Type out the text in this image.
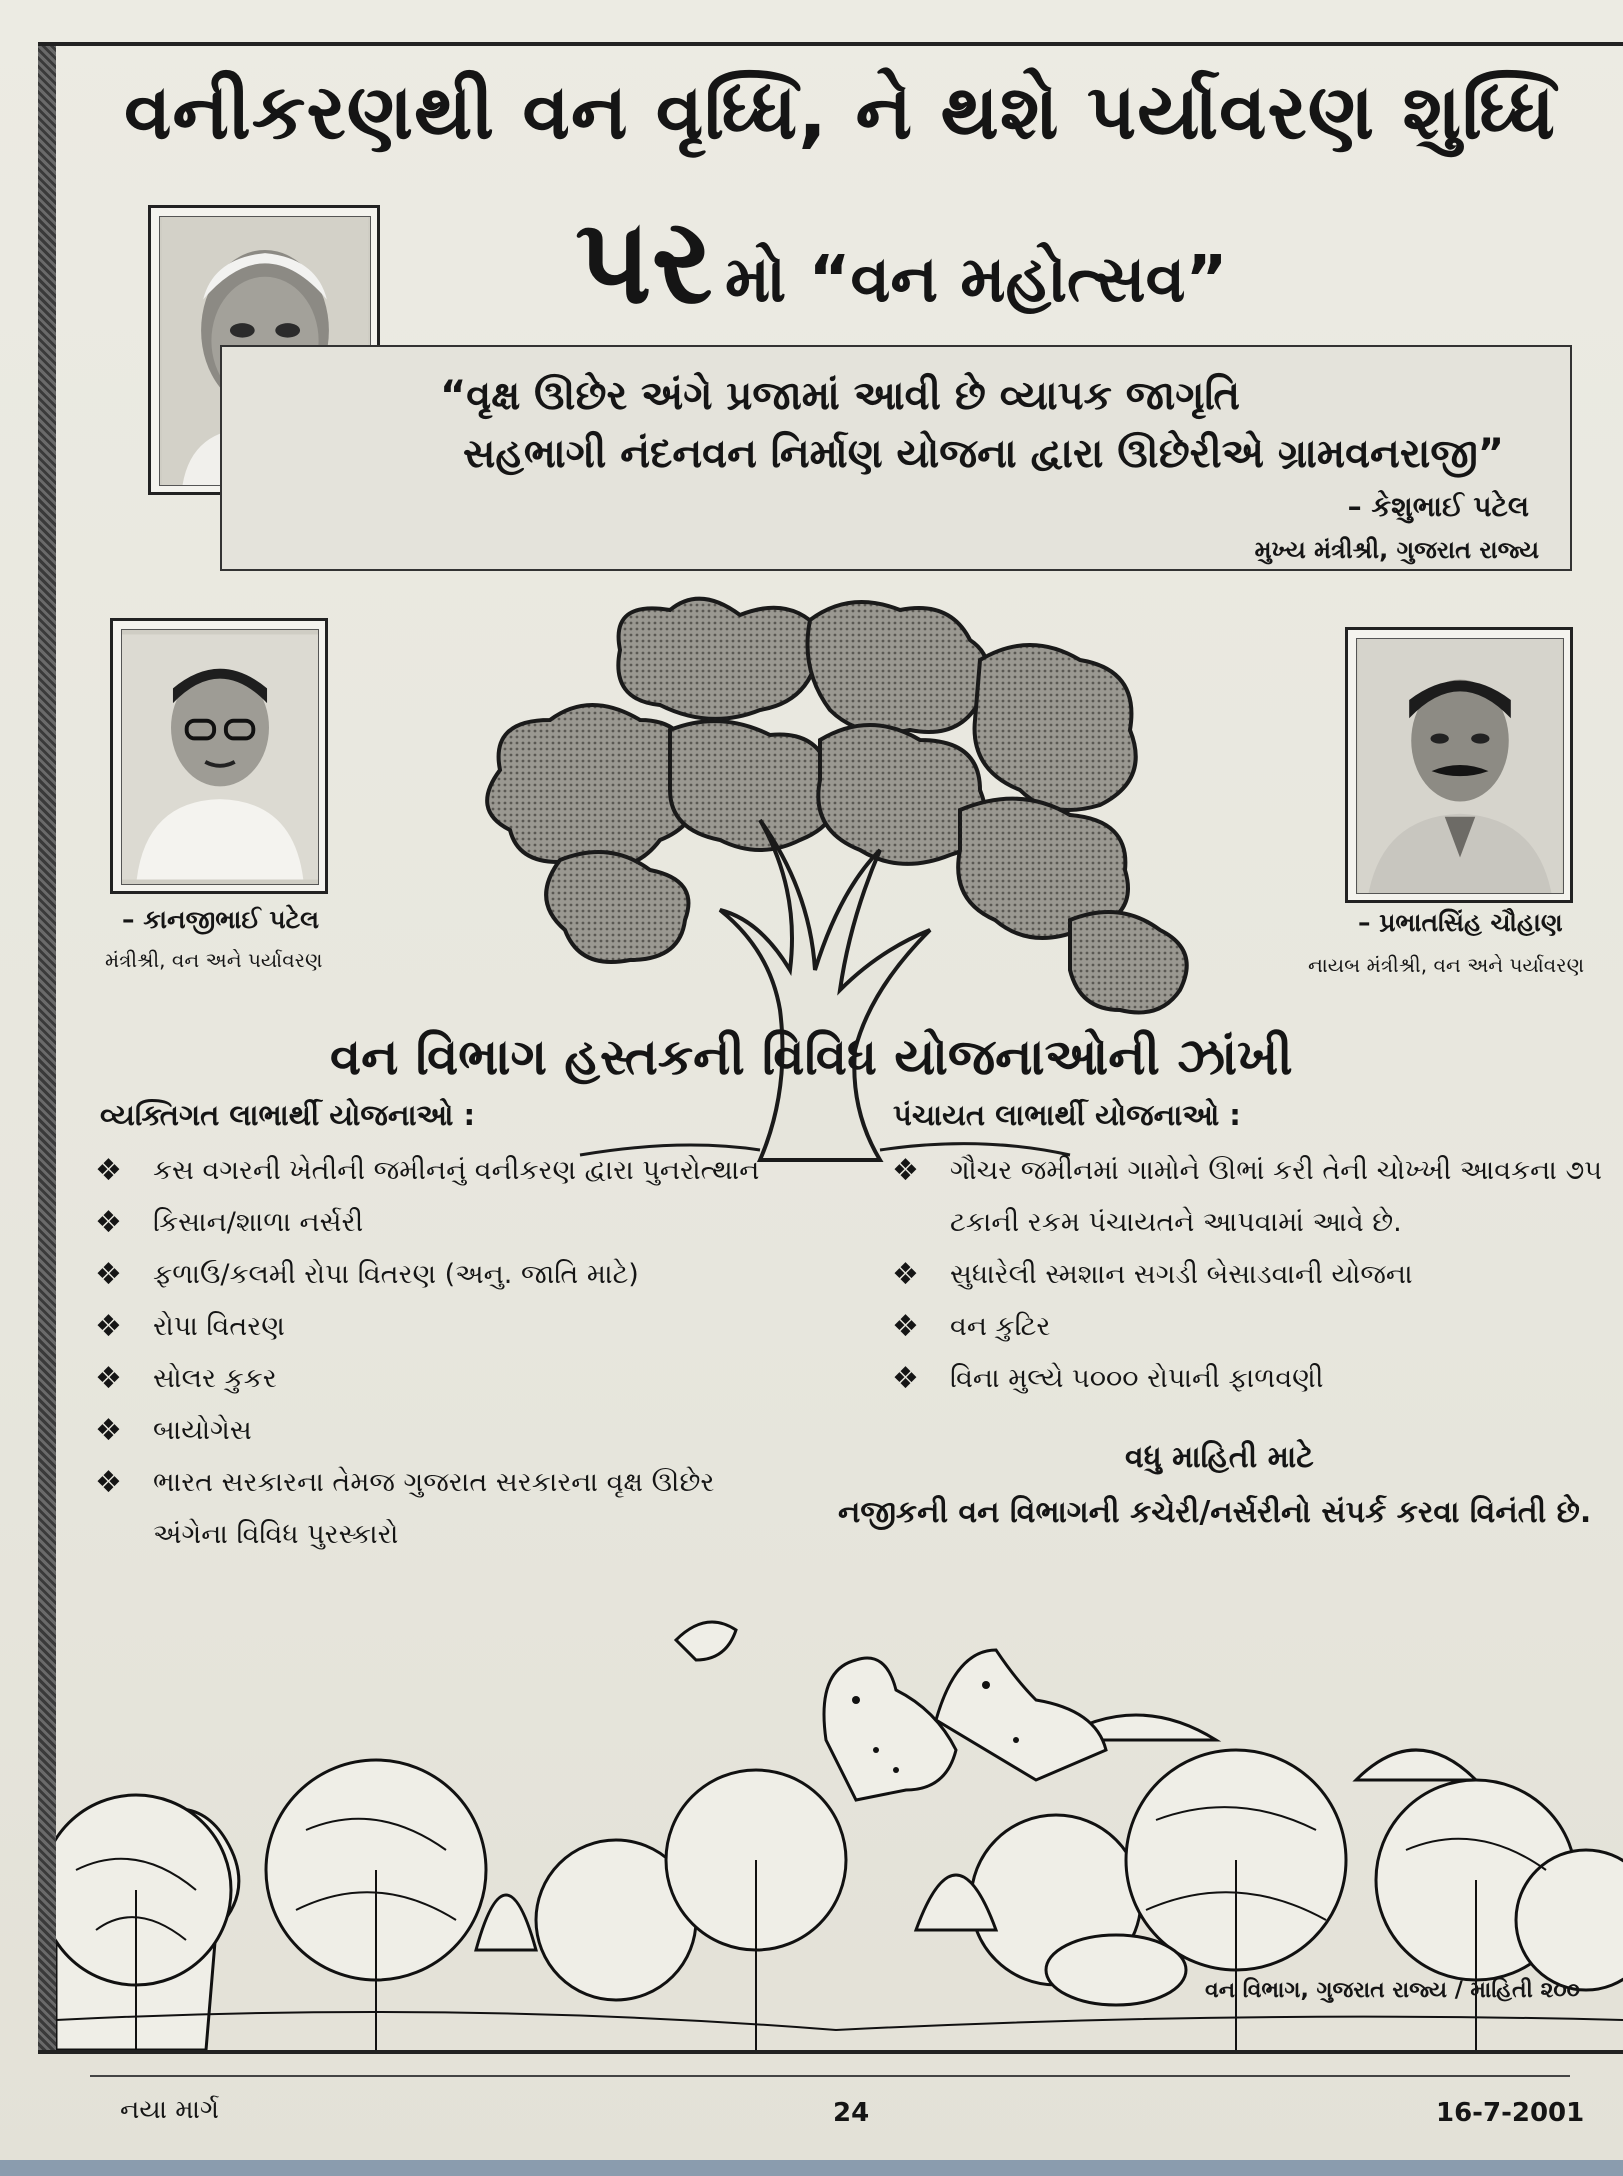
વનીકરણથી વન વૃધ્ધિ, ને થશે પર્યાવરણ શુધ્ધિ
પર મો “વન મહોત્સવ”
“વૃક્ષ ઊછેર અંગે પ્રજામાં આવી છે વ્યાપક જાગૃતિ
સહભાગી નંદનવન નિર્માણ યોજના દ્વારા ઊછેરીએ ગ્રામવનરાજી”
– કેશુભાઈ પટેલ
મુખ્ય મંત્રીશ્રી, ગુજરાત રાજ્ય
– કાનજીભાઈ પટેલ
મંત્રીશ્રી, વન અને પર્યાવરણ
– પ્રભાતસિંહ ચૌહાણ
નાયબ મંત્રીશ્રી, વન અને પર્યાવરણ
વન વિભાગ હસ્તકની વિવિધ યોજનાઓની ઝાંખી
વ્યક્તિગત લાભાર્થી યોજનાઓ :
❖ કસ વગરની ખેતીની જમીનનું વનીકરણ દ્વારા પુનરોત્થાન
❖ કિસાન/શાળા નર્સરી
❖ ફળાઉ/કલમી રોપા વિતરણ (અનુ. જાતિ માટે)
❖ રોપા વિતરણ
❖ સોલર કુકર
❖ બાયોગેસ
❖ ભારત સરકારના તેમજ ગુજરાત સરકારના વૃક્ષ ઊછેર અંગેના વિવિધ પુરસ્કારો
પંચાયત લાભાર્થી યોજનાઓ :
❖ ગૌચર જમીનમાં ગામોને ઊભાં કરી તેની ચોખ્ખી આવકના ૭૫ ટકાની રકમ પંચાયતને આપવામાં આવે છે.
❖ સુધારેલી સ્મશાન સગડી બેસાડવાની યોજના
❖ વન કુટિર
❖ વિના મુલ્યે ૫૦૦૦ રોપાની ફાળવણી
વધુ માહિતી માટે
નજીકની વન વિભાગની કચેરી/નર્સરીનો સંપર્ક કરવા વિનંતી છે.
વન વિભાગ, ગુજરાત રાજ્ય / માહિતી ૨૦૦
નયા માર્ગ	24	16-7-2001
